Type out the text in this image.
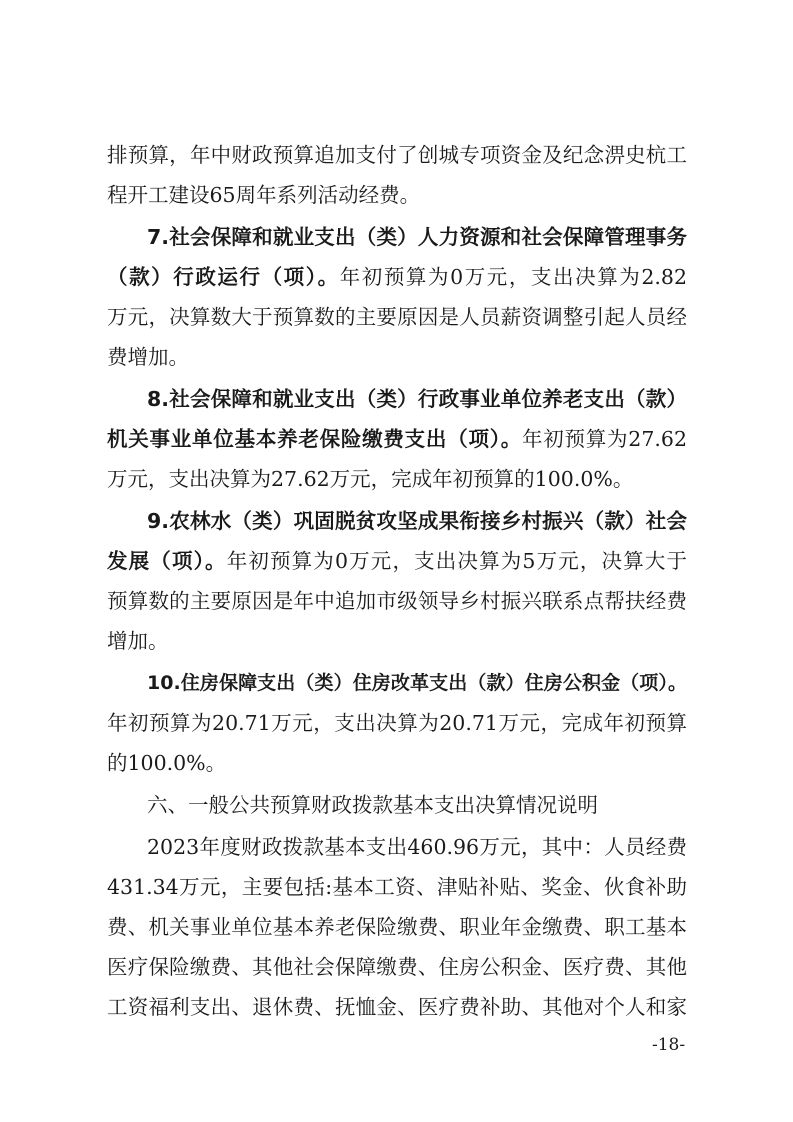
排预算，年中财政预算追加支付了创城专项资金及纪念淠史杭工
程开工建设65周年系列活动经费。
7.社会保障和就业支出（类）人力资源和社会保障管理事务
（款）行政运行（项）。年初预算为0万元，支出决算为2.82
万元，决算数大于预算数的主要原因是人员薪资调整引起人员经
费增加。
8.社会保障和就业支出（类）行政事业单位养老支出（款）
机关事业单位基本养老保险缴费支出（项）。年初预算为27.62
万元，支出决算为27.62万元，完成年初预算的100.0%。
9.农林水（类）巩固脱贫攻坚成果衔接乡村振兴（款）社会
发展（项）。年初预算为0万元，支出决算为5万元，决算大于
预算数的主要原因是年中追加市级领导乡村振兴联系点帮扶经费
增加。
10.住房保障支出（类）住房改革支出（款）住房公积金（项）。
年初预算为20.71万元，支出决算为20.71万元，完成年初预算
的100.0%。
六、一般公共预算财政拨款基本支出决算情况说明
2023年度财政拨款基本支出460.96万元，其中：人员经费
431.34万元，主要包括:基本工资、津贴补贴、奖金、伙食补助
费、机关事业单位基本养老保险缴费、职业年金缴费、职工基本
医疗保险缴费、其他社会保障缴费、住房公积金、医疗费、其他
工资福利支出、退休费、抚恤金、医疗费补助、其他对个人和家
-18-
